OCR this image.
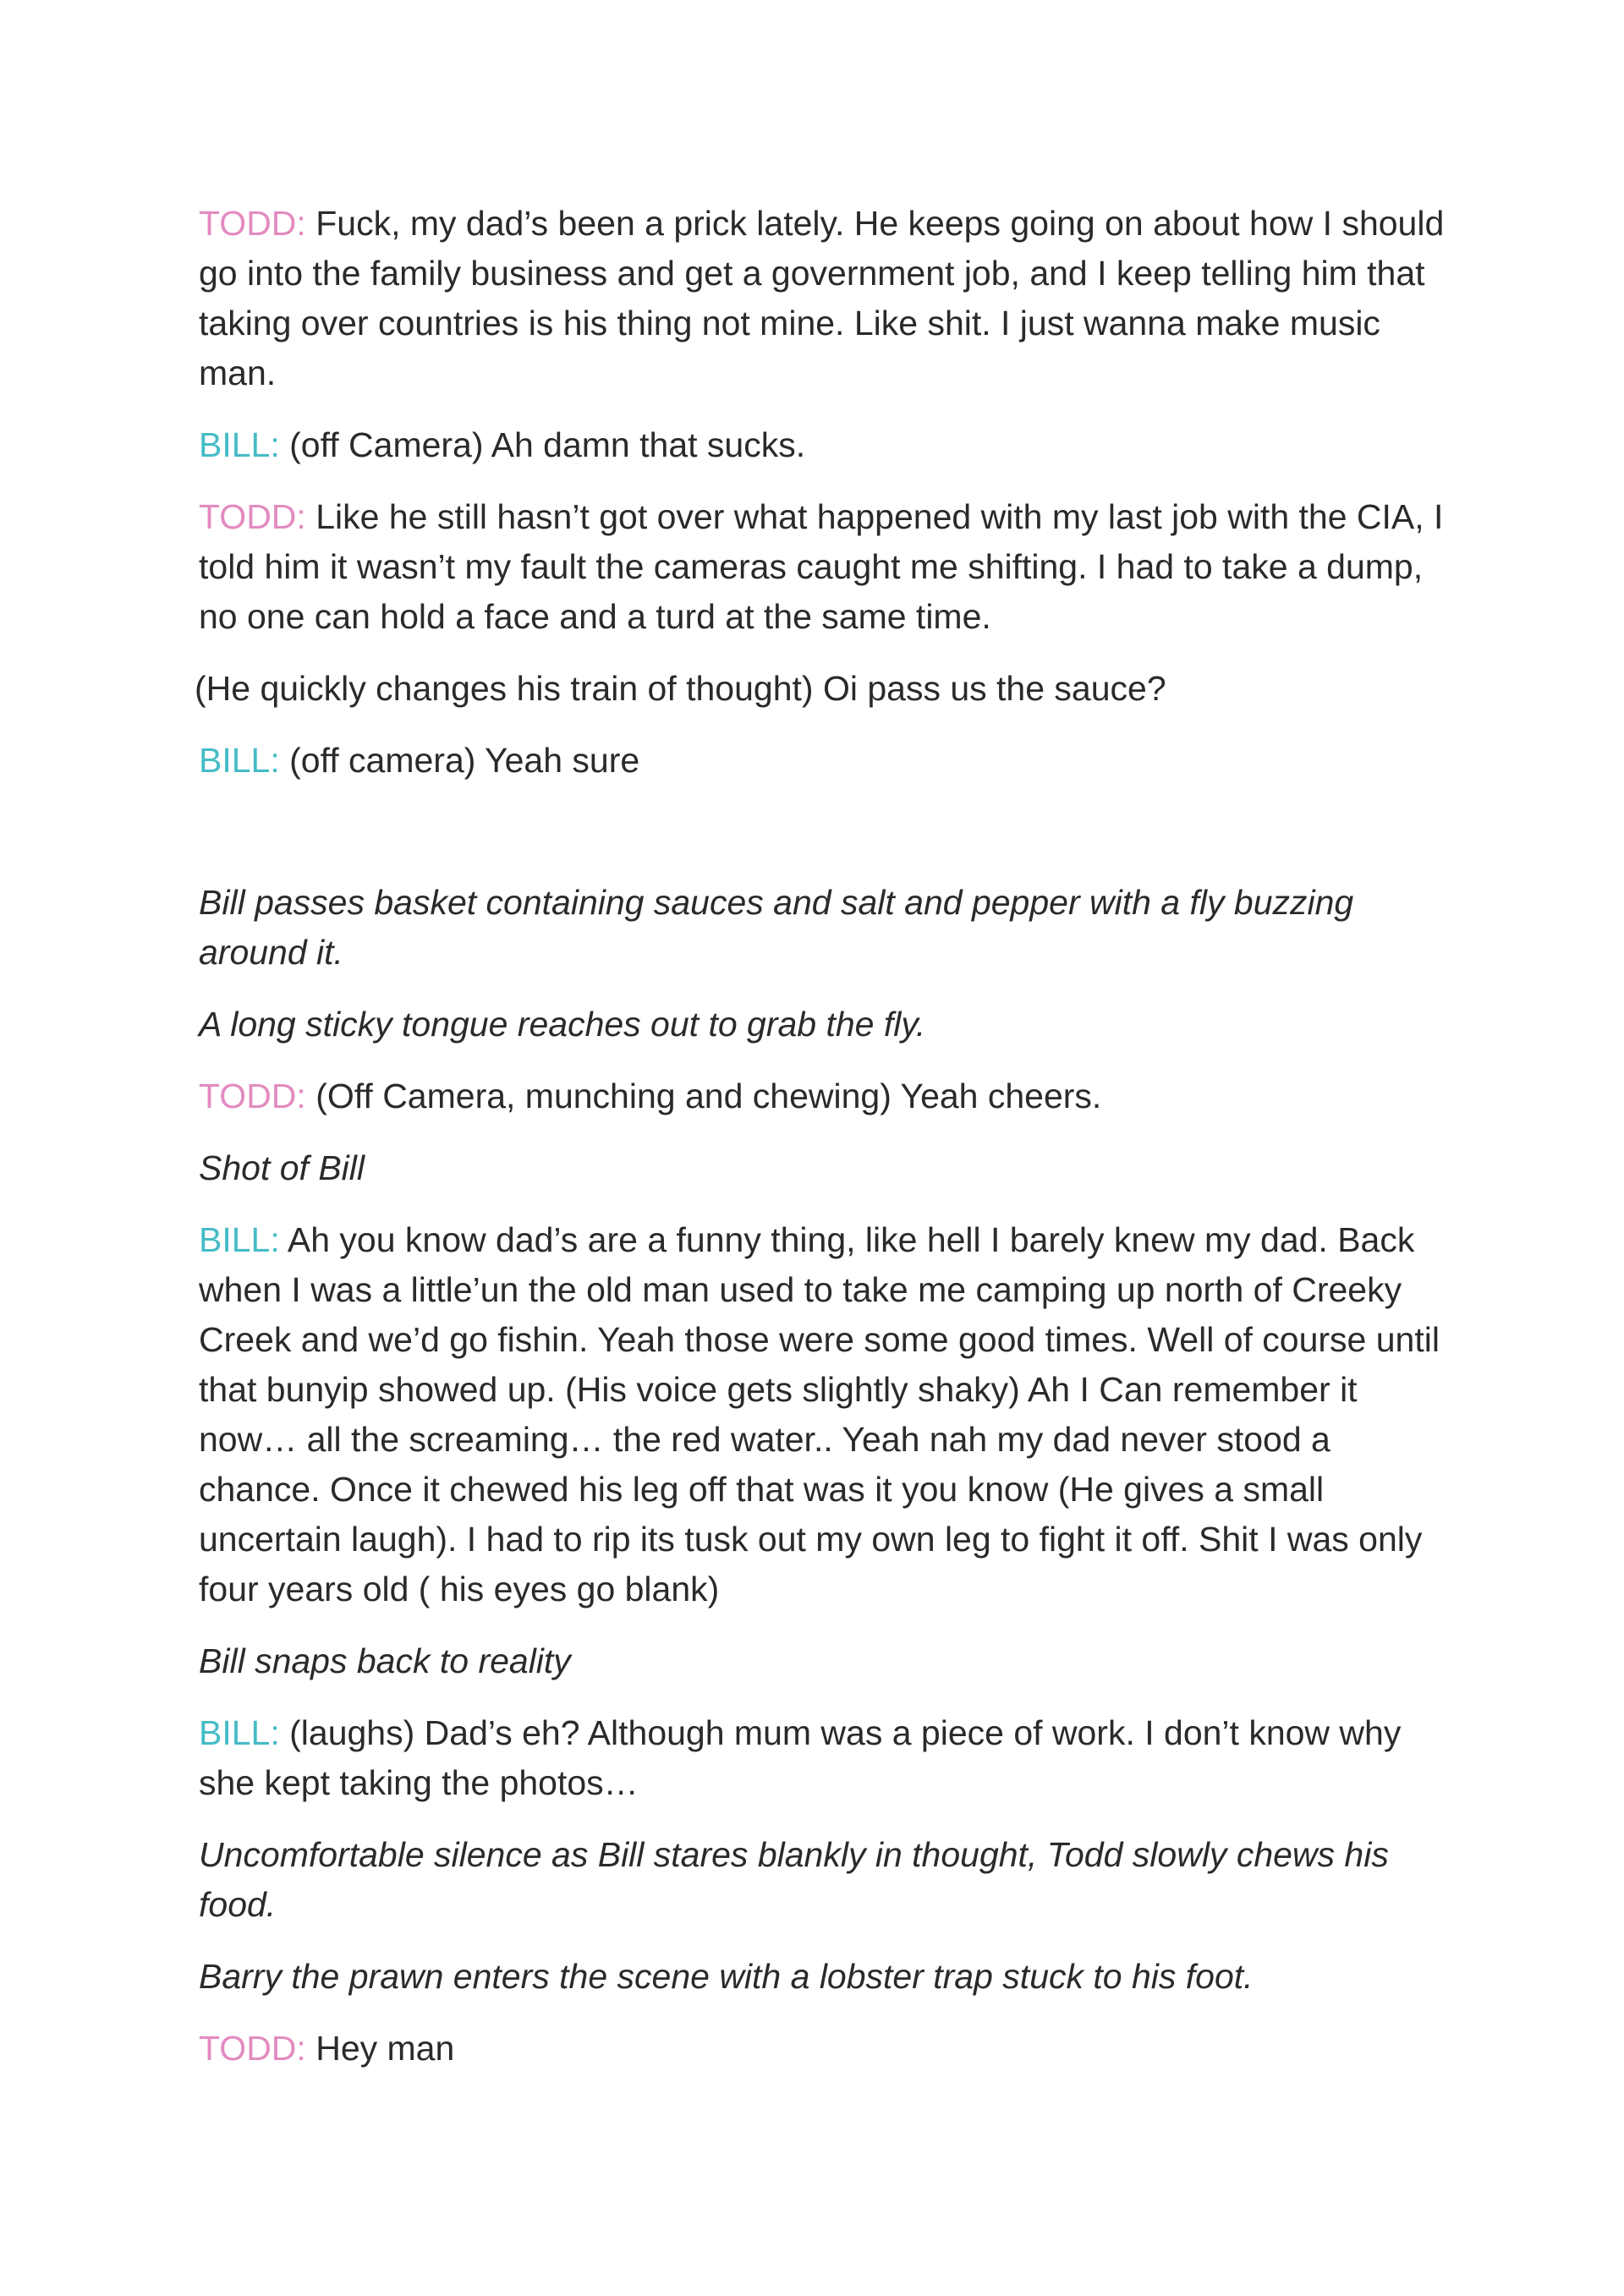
TODD: Fuck, my dad’s been a prick lately. He keeps going on about how I should go into the family business and get a government job, and I keep telling him that taking over countries is his thing not mine. Like shit. I just wanna make music man.

BILL: (off Camera) Ah damn that sucks.

TODD: Like he still hasn’t got over what happened with my last job with the CIA, I told him it wasn’t my fault the cameras caught me shifting. I had to take a dump, no one can hold a face and a turd at the same time.

(He quickly changes his train of thought) Oi pass us the sauce?

BILL: (off camera) Yeah sure

Bill passes basket containing sauces and salt and pepper with a fly buzzing around it.

A long sticky tongue reaches out to grab the fly.

TODD: (Off Camera, munching and chewing) Yeah cheers.

Shot of Bill

BILL: Ah you know dad’s are a funny thing, like hell I barely knew my dad. Back when I was a little’un the old man used to take me camping up north of Creeky Creek and we’d go fishin. Yeah those were some good times. Well of course until that bunyip showed up. (His voice gets slightly shaky) Ah I Can remember it now… all the screaming… the red water.. Yeah nah my dad never stood a chance. Once it chewed his leg off that was it you know (He gives a small uncertain laugh). I had to rip its tusk out my own leg to fight it off. Shit I was only four years old ( his eyes go blank)

Bill snaps back to reality

BILL: (laughs) Dad’s eh? Although mum was a piece of work. I don’t know why she kept taking the photos…

Uncomfortable silence as Bill stares blankly in thought, Todd slowly chews his food.

Barry the prawn enters the scene with a lobster trap stuck to his foot.

TODD: Hey man
